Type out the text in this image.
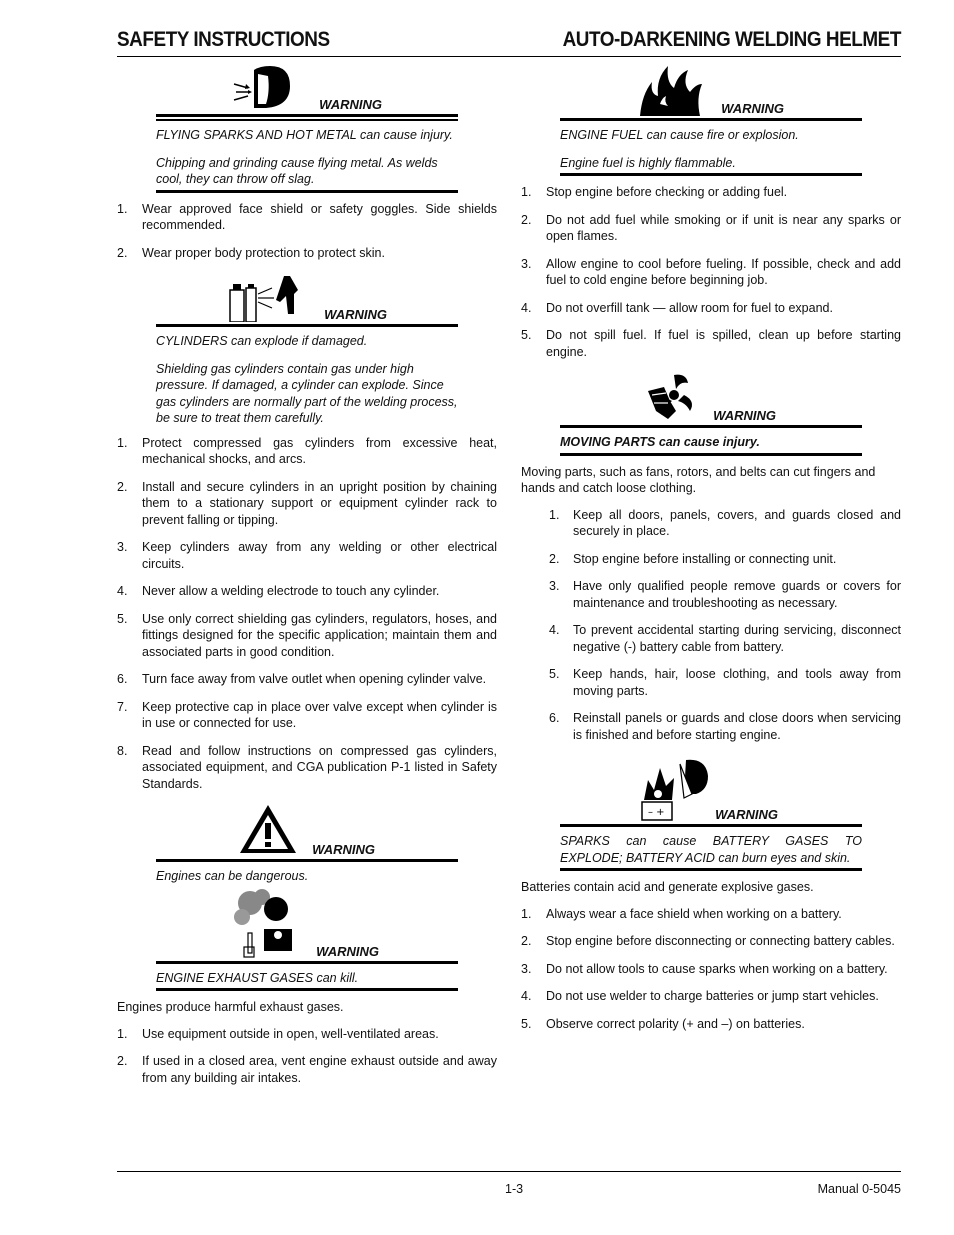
SAFETY INSTRUCTIONS	AUTO-DARKENING WELDING HELMET
WARNING

FLYING SPARKS AND HOT METAL can cause injury.

Chipping and grinding cause flying metal. As welds cool, they can throw off slag.

1. Wear approved face shield or safety goggles. Side shields recommended.
2. Wear proper body protection to protect skin.
WARNING

CYLINDERS can explode if damaged.

Shielding gas cylinders contain gas under high pressure. If damaged, a cylinder can explode. Since gas cylinders are normally part of the welding process, be sure to treat them carefully.

1. Protect compressed gas cylinders from excessive heat, mechanical shocks, and arcs.
2. Install and secure cylinders in an upright position by chaining them to a stationary support or equipment cylinder rack to prevent falling or tipping.
3. Keep cylinders away from any welding or other electrical circuits.
4. Never allow a welding electrode to touch any cylinder.
5. Use only correct shielding gas cylinders, regulators, hoses, and fittings designed for the specific application; maintain them and associated parts in good condition.
6. Turn face away from valve outlet when opening cylinder valve.
7. Keep protective cap in place over valve except when cylinder is in use or connected for use.
8. Read and follow instructions on compressed gas cylinders, associated equipment, and CGA publication P-1 listed in Safety Standards.
WARNING

Engines can be dangerous.

WARNING

ENGINE EXHAUST GASES can kill.

Engines produce harmful exhaust gases.

1. Use equipment outside in open, well-ventilated areas.
2. If used in a closed area, vent engine exhaust outside and away from any building air intakes.
WARNING

ENGINE FUEL can cause fire or explosion.

Engine fuel is highly flammable.

1. Stop engine before checking or adding fuel.
2. Do not add fuel while smoking or if unit is near any sparks or open flames.
3. Allow engine to cool before fueling. If possible, check and add fuel to cold engine before beginning job.
4. Do not overfill tank — allow room for fuel to expand.
5. Do not spill fuel. If fuel is spilled, clean up before starting engine.
WARNING

MOVING PARTS can cause injury.

Moving parts, such as fans, rotors, and belts can cut fingers and hands and catch loose clothing.

1. Keep all doors, panels, covers, and guards closed and securely in place.
2. Stop engine before installing or connecting unit.
3. Have only qualified people remove guards or covers for maintenance and troubleshooting as necessary.
4. To prevent accidental starting during servicing, disconnect negative (-) battery cable from battery.
5. Keep hands, hair, loose clothing, and tools away from moving parts.
6. Reinstall panels or guards and close doors when servicing is finished and before starting engine.
– +	WARNING

SPARKS can cause BATTERY GASES TO EXPLODE; BATTERY ACID can burn eyes and skin.

Batteries contain acid and generate explosive gases.

1. Always wear a face shield when working on a battery.
2. Stop engine before disconnecting or connecting battery cables.
3. Do not allow tools to cause sparks when working on a battery.
4. Do not use welder to charge batteries or jump start vehicles.
5. Observe correct polarity (+ and –) on batteries.
1-3	Manual 0-5045
